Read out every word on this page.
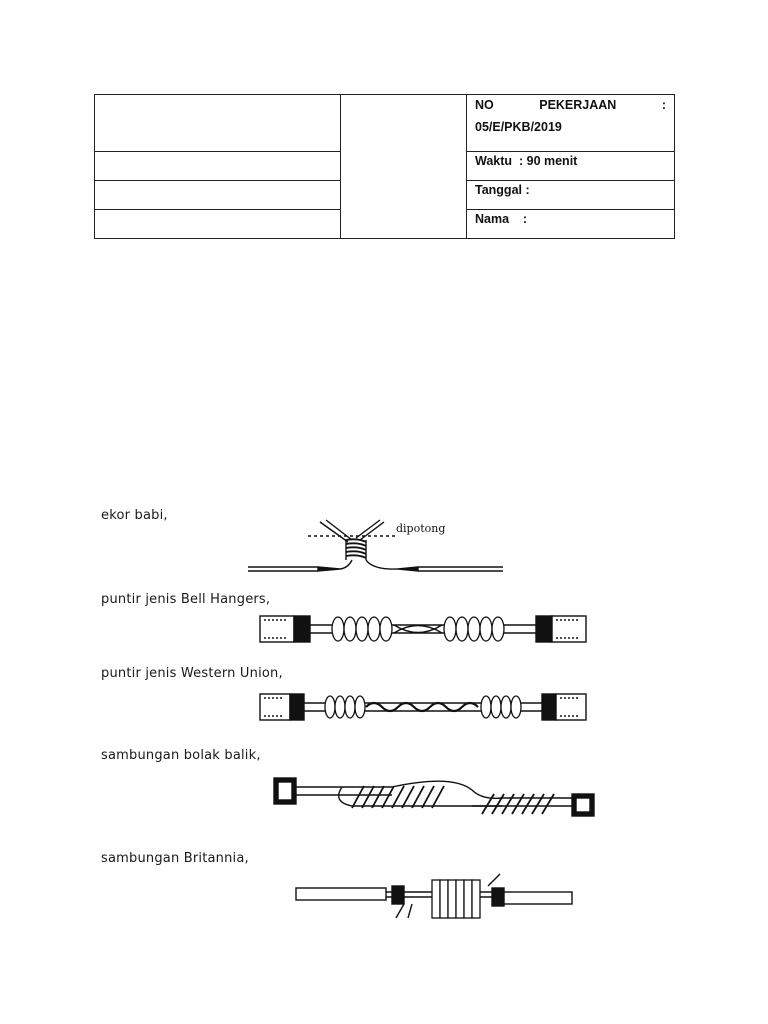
		NO PEKERJAAN :
05/E/PKB/2019

		Waktu  : 90 menit

		Tanggal :

		Nama    :
ekor babi,
dipotong
puntir jenis Bell Hangers,
puntir jenis Western Union,
sambungan bolak balik,
sambungan Britannia,
